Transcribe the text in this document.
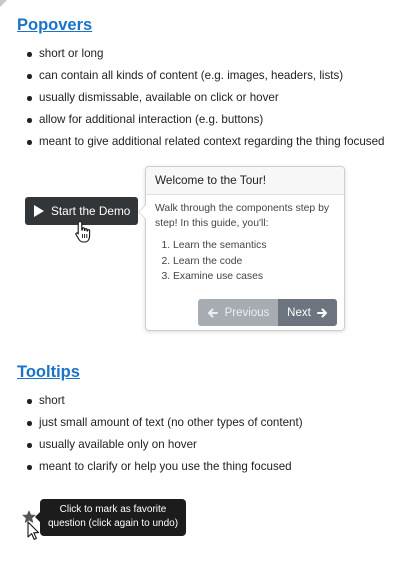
Popovers
short or long
can contain all kinds of content (e.g. images, headers, lists)
usually dismissable, available on click or hover
allow for additional interaction (e.g. buttons)
meant to give additional related context regarding the thing focused
Start the Demo
Welcome to the Tour!

Walk through the components step by step! In this guide, you'll:

1. Learn the semantics
2. Learn the code
3. Examine use cases
Previous Next
Tooltips
short
just small amount of text (no other types of content)
usually available only on hover
meant to clarify or help you use the thing focused
Click to mark as favorite
question (click again to undo)
